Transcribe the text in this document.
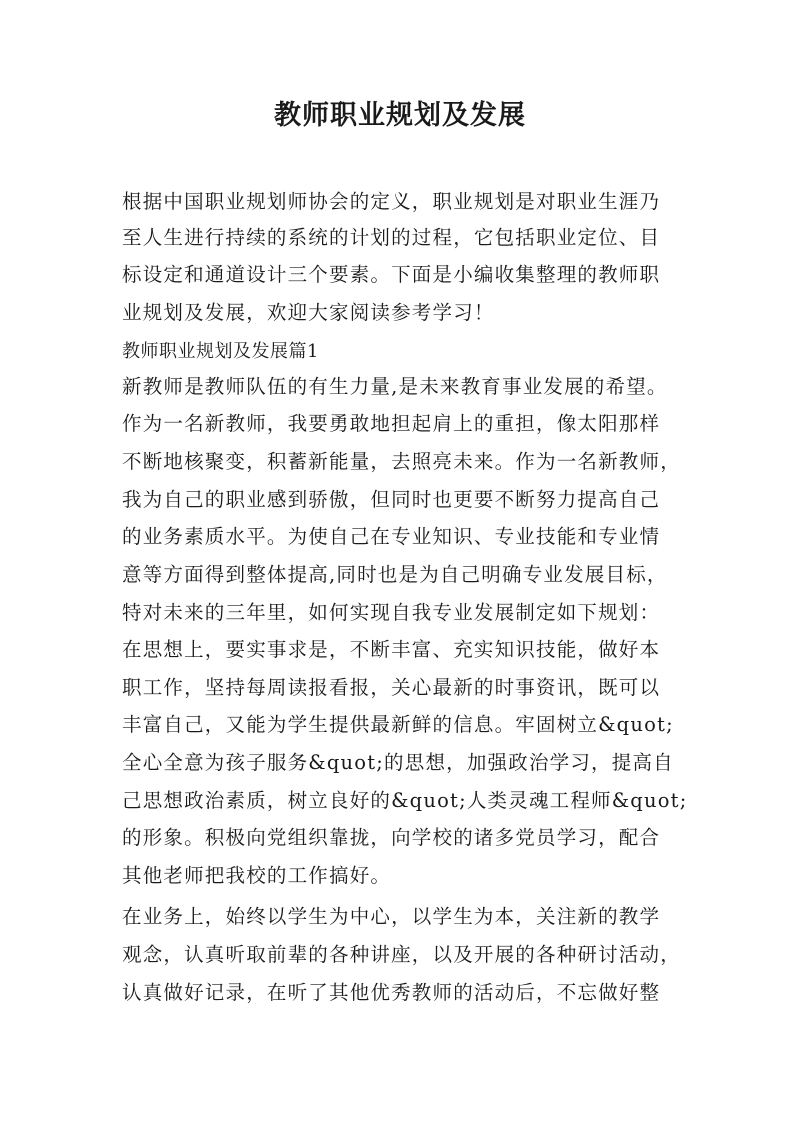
教师职业规划及发展
根据中国职业规划师协会的定义，职业规划是对职业生涯乃
至人生进行持续的系统的计划的过程，它包括职业定位、目
标设定和通道设计三个要素。下面是小编收集整理的教师职
业规划及发展，欢迎大家阅读参考学习！
教师职业规划及发展篇1
新教师是教师队伍的有生力量,是未来教育事业发展的希望。
作为一名新教师，我要勇敢地担起肩上的重担，像太阳那样
不断地核聚变，积蓄新能量，去照亮未来。作为一名新教师，
我为自己的职业感到骄傲，但同时也更要不断努力提高自己
的业务素质水平。为使自己在专业知识、专业技能和专业情
意等方面得到整体提高,同时也是为自己明确专业发展目标，
特对未来的三年里，如何实现自我专业发展制定如下规划：
在思想上，要实事求是，不断丰富、充实知识技能，做好本
职工作，坚持每周读报看报，关心最新的时事资讯，既可以
丰富自己，又能为学生提供最新鲜的信息。牢固树立&quot;
全心全意为孩子服务&quot;的思想，加强政治学习，提高自
己思想政治素质，树立良好的&quot;人类灵魂工程师&quot;
的形象。积极向党组织靠拢，向学校的诸多党员学习，配合
其他老师把我校的工作搞好。
在业务上，始终以学生为中心，以学生为本，关注新的教学
观念，认真听取前辈的各种讲座，以及开展的各种研讨活动，
认真做好记录，在听了其他优秀教师的活动后，不忘做好整
